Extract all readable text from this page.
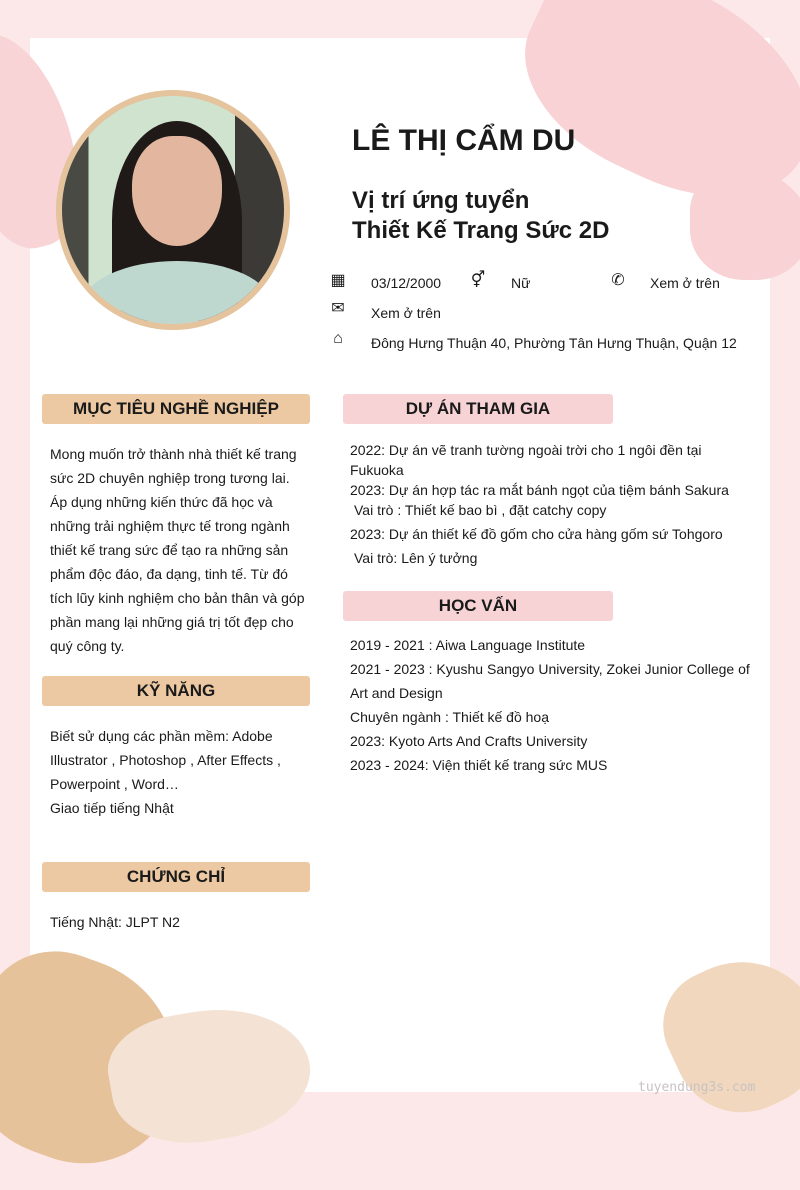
LÊ THỊ CẨM DU
Vị trí ứng tuyển
Thiết Kế Trang Sức 2D
▦ 03/12/2000 ⚥ Nữ	✆ Xem ở trên
✉ Xem ở trên
⌂	Đông Hưng Thuận 40, Phường Tân Hưng Thuận, Quận 12
MỤC TIÊU NGHỀ NGHIỆP
Mong muốn trở thành nhà thiết kế trang sức 2D chuyên nghiệp trong tương lai. Áp dụng những kiến thức đã học và những trải nghiệm thực tế trong ngành thiết kế trang sức để tạo ra những sản phẩm độc đáo, đa dạng, tinh tế. Từ đó tích lũy kinh nghiệm cho bản thân và góp phần mang lại những giá trị tốt đẹp cho quý công ty.
KỸ NĂNG
Biết sử dụng các phần mềm: Adobe Illustrator , Photoshop , After Effects , Powerpoint , Word…
Giao tiếp tiếng Nhật
CHỨNG CHỈ
Tiếng Nhật: JLPT N2
DỰ ÁN THAM GIA
2022: Dự án vẽ tranh tường ngoài trời cho 1 ngôi đền tại Fukuoka
2023: Dự án hợp tác ra mắt bánh ngọt của tiệm bánh Sakura
Vai trò : Thiết kế bao bì , đặt catchy copy
2023: Dự án thiết kế đồ gốm cho cửa hàng gốm sứ Tohgoro
Vai trò: Lên ý tưởng
HỌC VẤN
2019 - 2021 : Aiwa Language Institute
2021 - 2023 : Kyushu Sangyo University, Zokei Junior College of Art and Design
Chuyên ngành : Thiết kế đồ hoạ
2023: Kyoto Arts And Crafts University
2023 - 2024: Viện thiết kế trang sức MUS
tuyendung3s.com
